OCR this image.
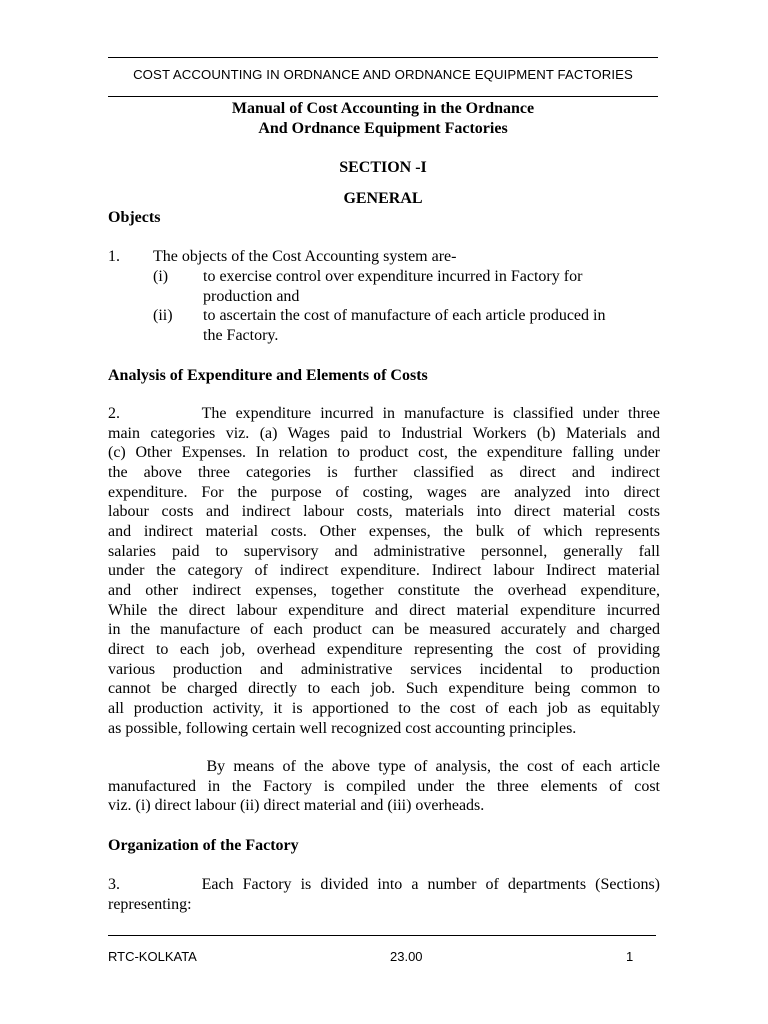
COST ACCOUNTING IN ORDNANCE AND ORDNANCE EQUIPMENT FACTORIES
Manual of Cost Accounting in the Ordnance
And Ordnance Equipment Factories
SECTION -I
GENERAL
Objects
1. The objects of the Cost Accounting system are-
(i) to exercise control over expenditure incurred in Factory for
production and
(ii) to ascertain the cost of manufacture of each article produced in
the Factory.
Analysis of Expenditure and Elements of Costs
2.         The expenditure incurred in manufacture is classified under three
main categories viz. (a) Wages paid to Industrial Workers (b) Materials and
(c) Other Expenses. In relation to product cost, the expenditure falling under
the above three categories is further classified as direct and indirect
expenditure. For the purpose of costing, wages are analyzed into direct
labour costs and indirect labour costs, materials into direct material costs
and indirect material costs. Other expenses, the bulk of which represents
salaries paid to supervisory and administrative personnel, generally fall
under the category of indirect expenditure. Indirect labour Indirect material
and other indirect expenses, together constitute the overhead expenditure,
While the direct labour expenditure and direct material expenditure incurred
in the manufacture of each product can be measured accurately and charged
direct to each job, overhead expenditure representing the cost of providing
various production and administrative services incidental to production
cannot be charged directly to each job. Such expenditure being common to
all production activity, it is apportioned to the cost of each job as equitably
as possible, following certain well recognized cost accounting principles.
By means of the above type of analysis, the cost of each article
manufactured in the Factory is compiled under the three elements of cost
viz. (i) direct labour (ii) direct material and (iii) overheads.
Organization of the Factory
3.         Each Factory is divided into a number of departments (Sections)
representing:
RTC-KOLKATA	23.00	1
